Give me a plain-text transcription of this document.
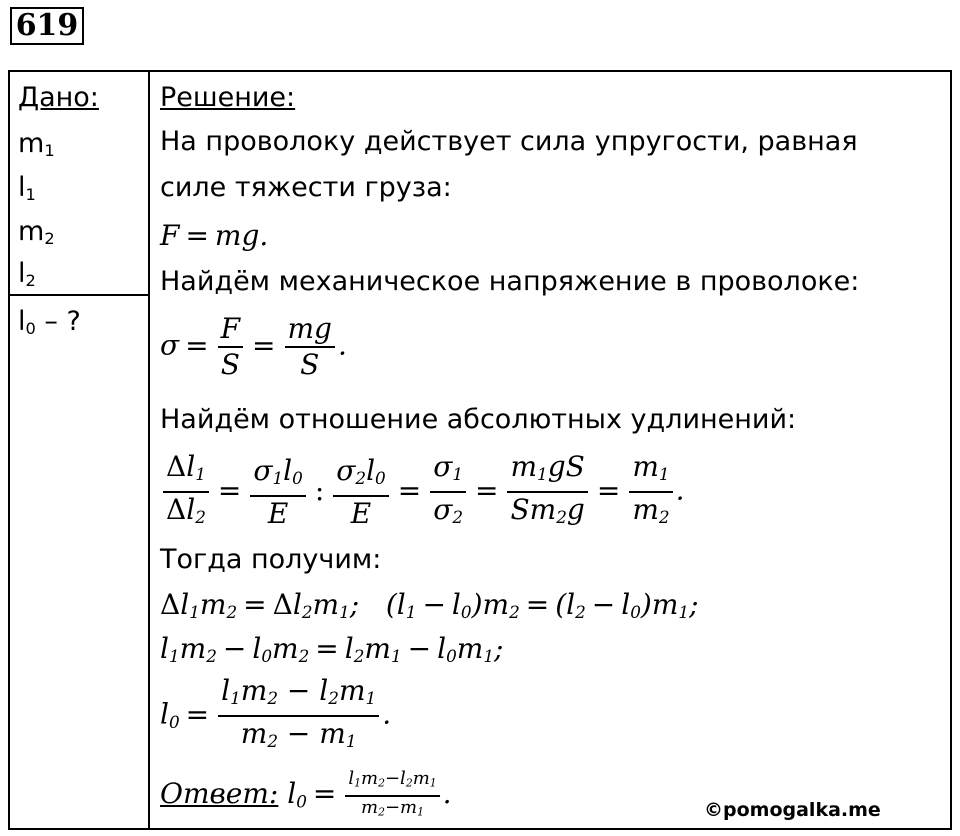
619
Дано:
$m_1$
$l_1$
$m_2$
$l_2$
$l_0$ – ?
Решение:
На проволоку действует сила упругости, равная
силе тяжести груза:
F = mg.
Найдём механическое напряжение в проволоке:
$\sigma = \frac{F}{S} = \frac{mg}{S}$ .
Найдём отношение абсолютных удлинений:
$\frac{\Delta l_1}{\Delta l_2} = \frac{\sigma_1l_0}{E}$ : $\frac{\sigma_2l_0}{E} = \frac{\sigma_1}{\sigma_2} = \frac{m_1gS}{Sm_2g} = \frac{m_1}{m_2}$ .
Тогда получим:
$\Delta l_1m_2 = \Delta l_2m_1$;   $(l_1 - l_0)m_2 = (l_2 - l_0)m_1$;
$l_1m_2 - l_0m_2 = l_2m_1 - l_0m_1$;
$l_0 = \frac{l_1m_2 - l_2m_1}{m_2 - m_1}$ .
Ответ: $l_0 = \frac{l_1m_2-l_2m_1}{m_2-m_1}$ .	©pomogalka.me
